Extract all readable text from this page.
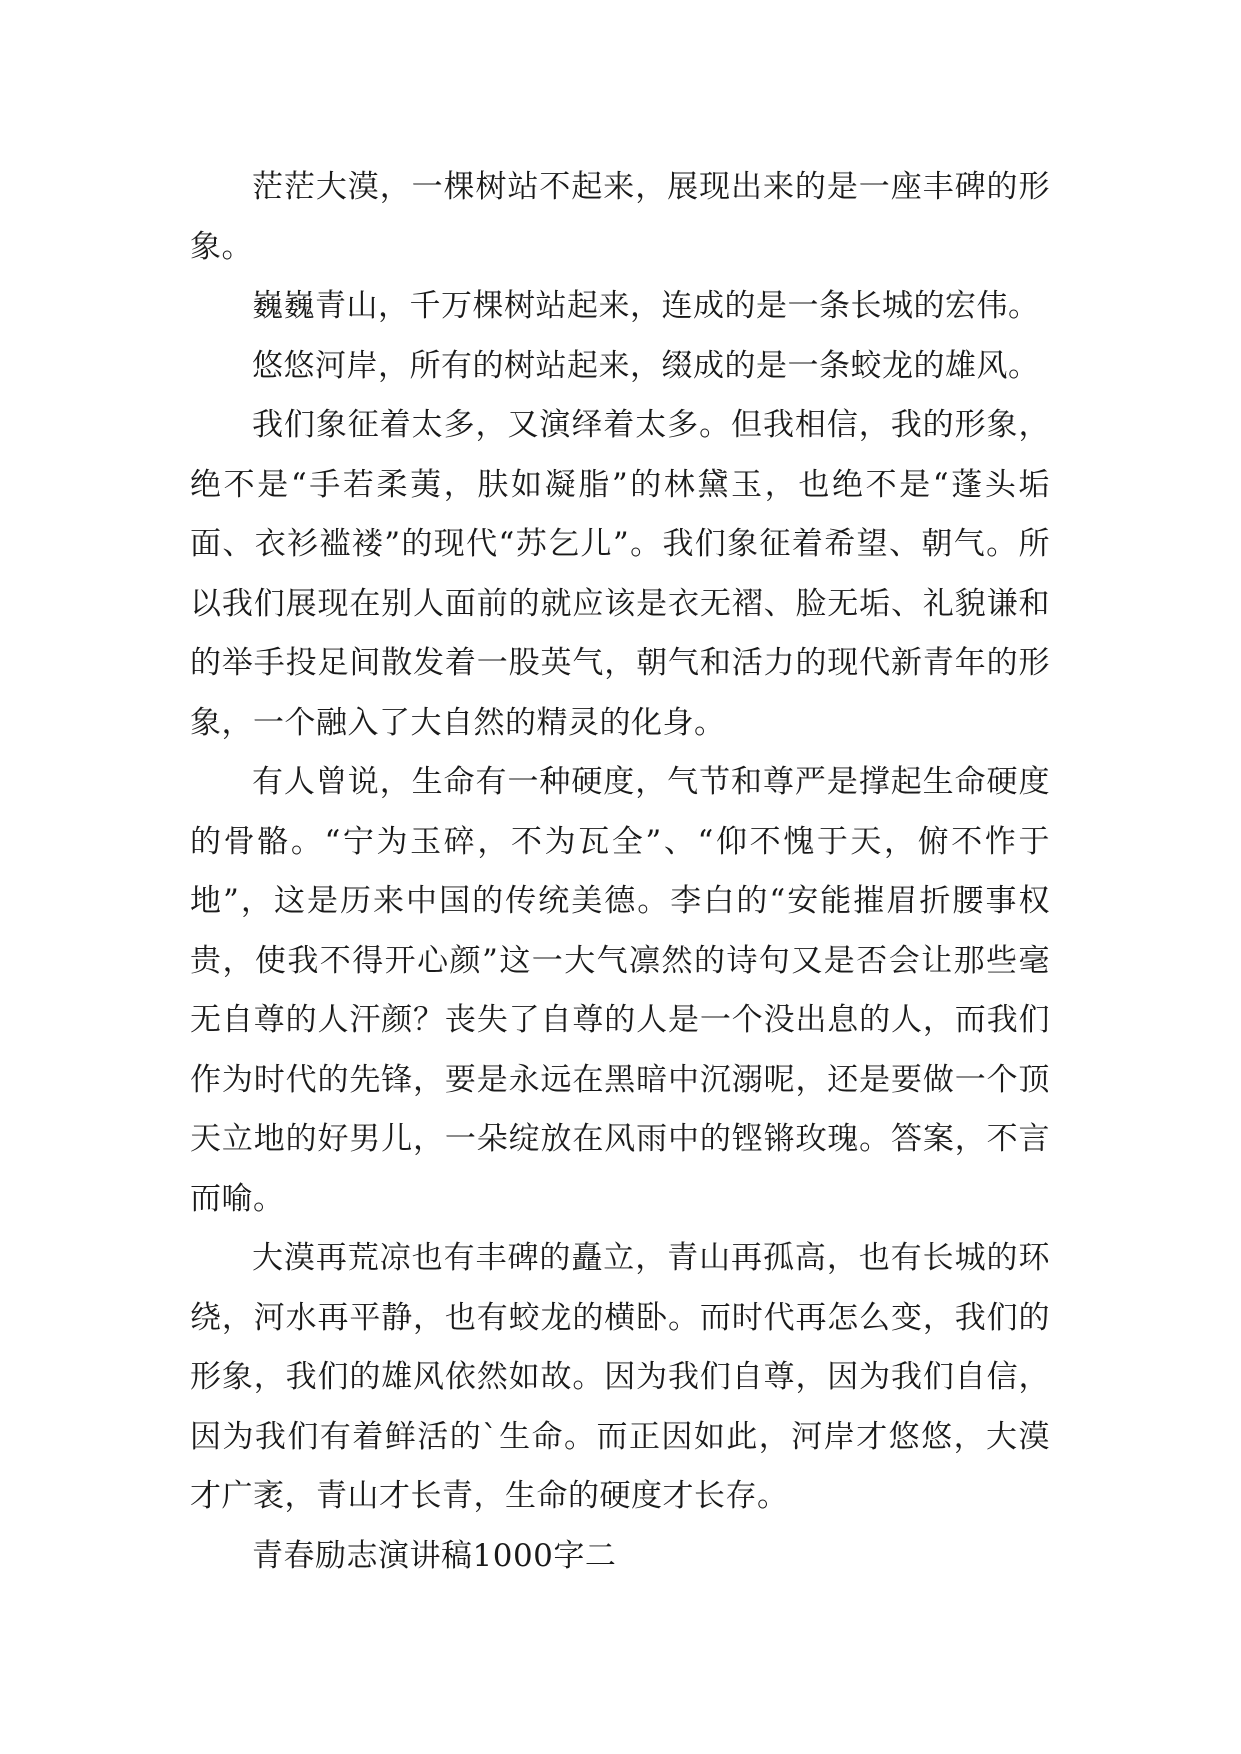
茫茫大漠，一棵树站不起来，展现出来的是一座丰碑的形象。

巍巍青山，千万棵树站起来，连成的是一条长城的宏伟。

悠悠河岸，所有的树站起来，缀成的是一条蛟龙的雄风。

我们象征着太多，又演绎着太多。但我相信，我的形象，绝不是“手若柔荑，肤如凝脂”的林黛玉，也绝不是“蓬头垢面、衣衫褴褛”的现代“苏乞儿”。我们象征着希望、朝气。所以我们展现在别人面前的就应该是衣无褶、脸无垢、礼貌谦和的举手投足间散发着一股英气，朝气和活力的现代新青年的形象，一个融入了大自然的精灵的化身。

有人曾说，生命有一种硬度，气节和尊严是撑起生命硬度的骨骼。“宁为玉碎，不为瓦全”、“仰不愧于天，俯不怍于地”，这是历来中国的传统美德。李白的“安能摧眉折腰事权贵，使我不得开心颜”这一大气凛然的诗句又是否会让那些毫无自尊的人汗颜？丧失了自尊的人是一个没出息的人，而我们作为时代的先锋，要是永远在黑暗中沉溺呢，还是要做一个顶天立地的好男儿，一朵绽放在风雨中的铿锵玫瑰。答案，不言而喻。

大漠再荒凉也有丰碑的矗立，青山再孤高，也有长城的环绕，河水再平静，也有蛟龙的横卧。而时代再怎么变，我们的形象，我们的雄风依然如故。因为我们自尊，因为我们自信，因为我们有着鲜活的`生命。而正因如此，河岸才悠悠，大漠才广袤，青山才长青，生命的硬度才长存。

青春励志演讲稿1000字二
